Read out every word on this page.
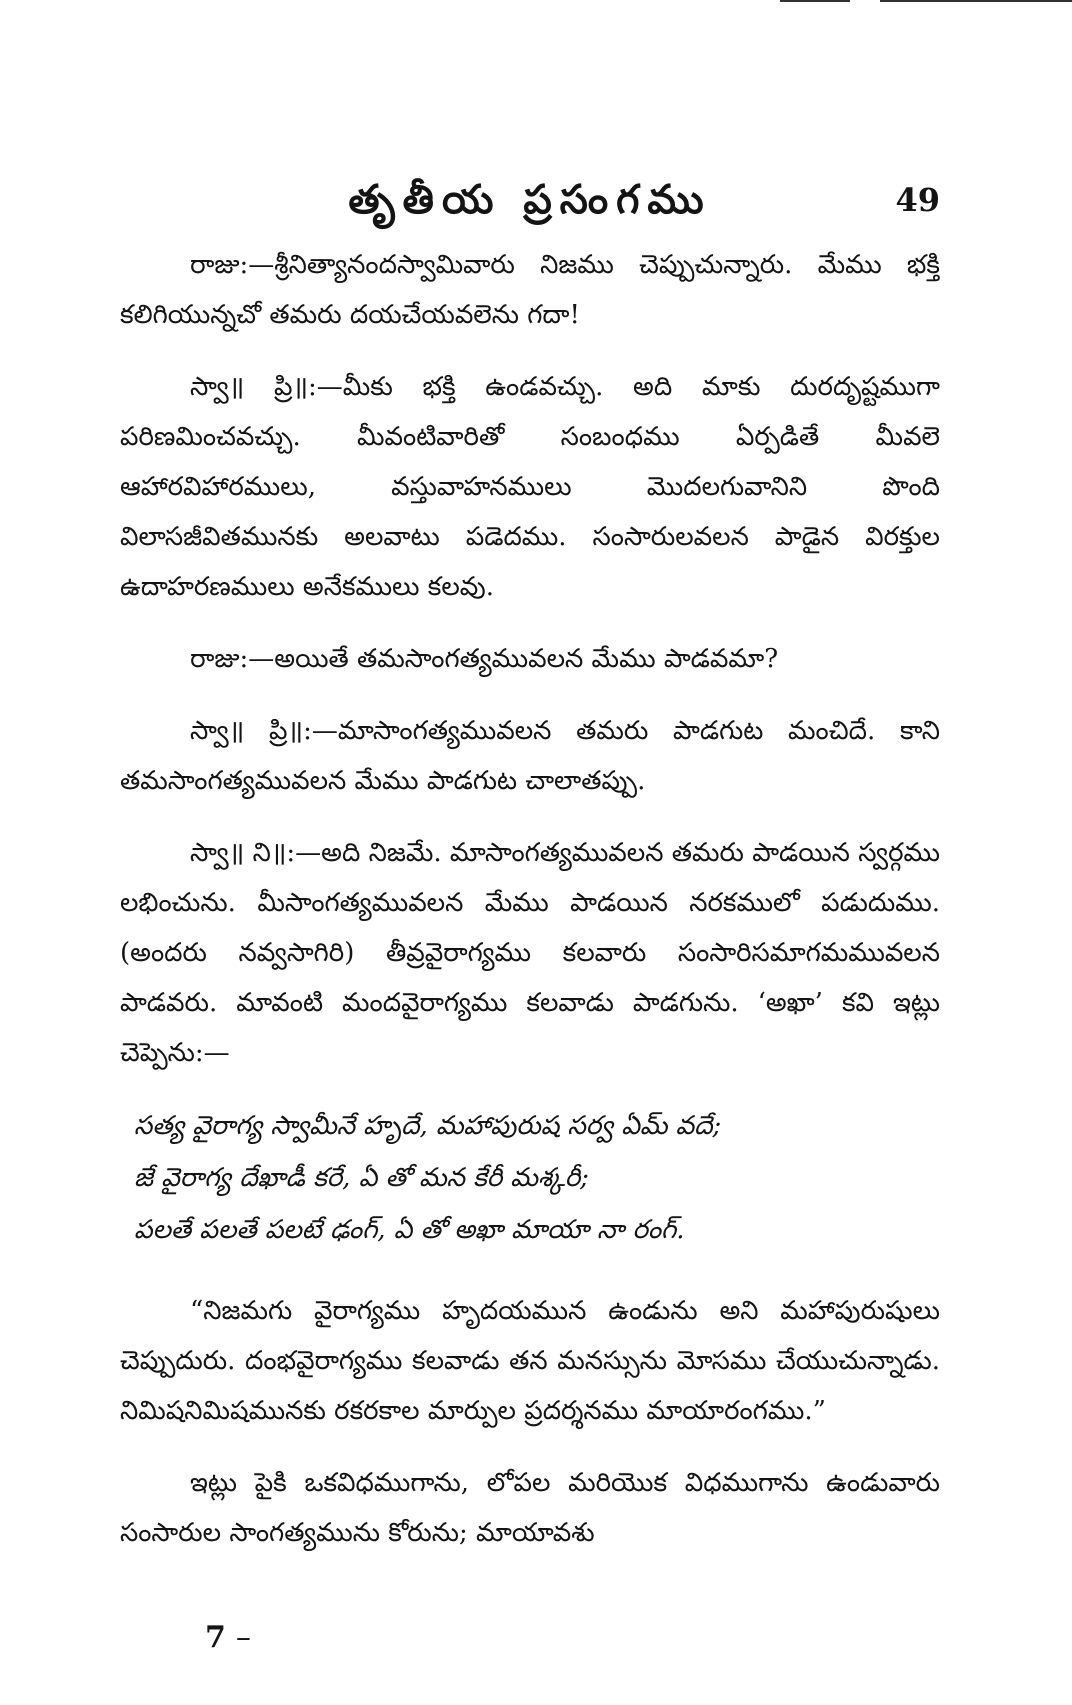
తృతీయ ప్రసంగము	49

రాజు:—శ్రీనిత్యానందస్వామివారు నిజము చెప్పుచున్నారు. మేము భక్తి కలిగియున్నచో తమరు దయచేయవలెను గదా!

స్వా॥ ప్రి॥:—మీకు భక్తి ఉండవచ్చు. అది మాకు దురదృష్టముగా పరిణమించవచ్చు. మీవంటివారితో సంబంధము ఏర్పడితే మీవలె ఆహారవిహారములు, వస్తువాహనములు మొదలగువానిని పొంది విలాసజీవితమునకు అలవాటు పడెదము. సంసారులవలన పాడైన విరక్తుల ఉదాహరణములు అనేకములు కలవు.

రాజు:—అయితే తమసాంగత్యమువలన మేము పాడవమా?

స్వా॥ ప్రి॥:—మాసాంగత్యమువలన తమరు పాడగుట మంచిదే. కాని తమసాంగత్యమువలన మేము పాడగుట చాలాతప్పు.

స్వా॥ ని॥:—అది నిజమే. మాసాంగత్యమువలన తమరు పాడయిన స్వర్గము లభించును. మీసాంగత్యమువలన మేము పాడయిన నరకములో పడుదుము. (అందరు నవ్వసాగిరి) తీవ్రవైరాగ్యము కలవారు సంసారిసమాగమమువలన పాడవరు. మావంటి మందవైరాగ్యము కలవాడు పాడగును. ‘అఖా’ కవి ఇట్లు చెప్పెను:—

సత్య వైరాగ్య స్వామీనే హృదే, మహాపురుష సర్వ ఏమ్ వదే;
జే వైరాగ్య దేఖాడీ కరే, ఏ తో మన కేరీ మశ్కరీ;
పలతే పలతే పలటే ఢంగ్, ఏ తో అఖా మాయా నా రంగ్.

“నిజమగు వైరాగ్యము హృదయమున ఉండును అని మహాపురుషులు చెప్పుదురు. దంభవైరాగ్యము కలవాడు తన మనస్సును మోసము చేయుచున్నాడు. నిమిషనిమిషమునకు రకరకాల మార్పుల ప్రదర్శనము మాయారంగము.”

ఇట్లు పైకి ఒకవిధముగాను, లోపల మరియొక విధముగాను ఉండువారు సంసారుల సాంగత్యమును కోరును; మాయావశు

7 –
